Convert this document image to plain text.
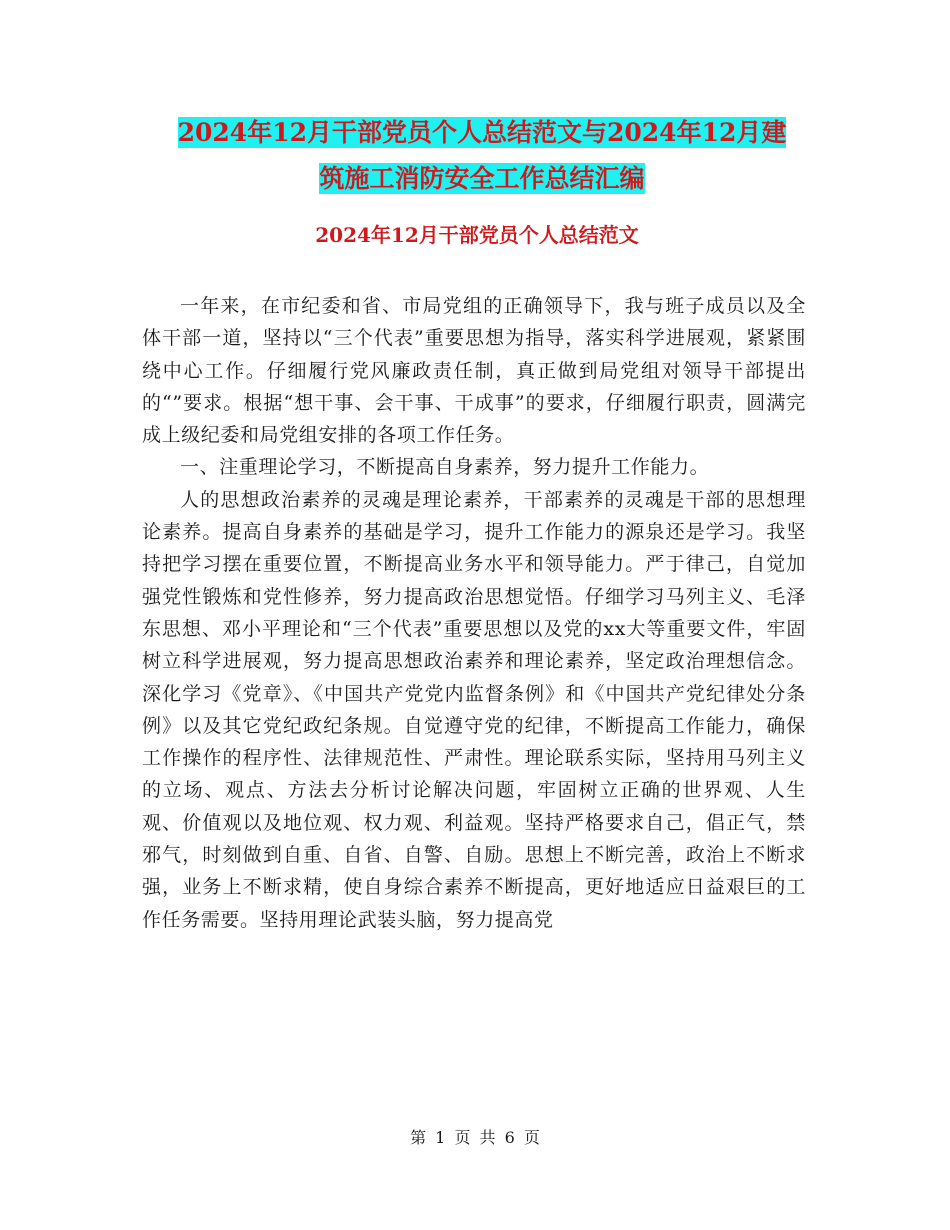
2024年12月干部党员个人总结范文与2024年12月建
筑施工消防安全工作总结汇编
2024年12月干部党员个人总结范文

一年来，在市纪委和省、市局党组的正确领导下，我与班子成员以及全体干部一道，坚持以“三个代表”重要思想为指导，落实科学进展观，紧紧围绕中心工作。仔细履行党风廉政责任制，真正做到局党组对领导干部提出的“”要求。根据“想干事、会干事、干成事”的要求，仔细履行职责，圆满完成上级纪委和局党组安排的各项工作任务。

一、注重理论学习，不断提高自身素养，努力提升工作能力。

人的思想政治素养的灵魂是理论素养，干部素养的灵魂是干部的思想理论素养。提高自身素养的基础是学习，提升工作能力的源泉还是学习。我坚持把学习摆在重要位置，不断提高业务水平和领导能力。严于律己，自觉加强党性锻炼和党性修养，努力提高政治思想觉悟。仔细学习马列主义、毛泽东思想、邓小平理论和“三个代表”重要思想以及党的xx大等重要文件，牢固树立科学进展观，努力提高思想政治素养和理论素养，坚定政治理想信念。深化学习《党章》、《中国共产党党内监督条例》和《中国共产党纪律处分条例》以及其它党纪政纪条规。自觉遵守党的纪律，不断提高工作能力，确保工作操作的程序性、法律规范性、严肃性。理论联系实际，坚持用马列主义的立场、观点、方法去分析讨论解决问题，牢固树立正确的世界观、人生观、价值观以及地位观、权力观、利益观。坚持严格要求自己，倡正气，禁邪气，时刻做到自重、自省、自警、自励。思想上不断完善，政治上不断求强，业务上不断求精，使自身综合素养不断提高，更好地适应日益艰巨的工作任务需要。坚持用理论武装头脑，努力提高党

第 1 页 共 6 页
